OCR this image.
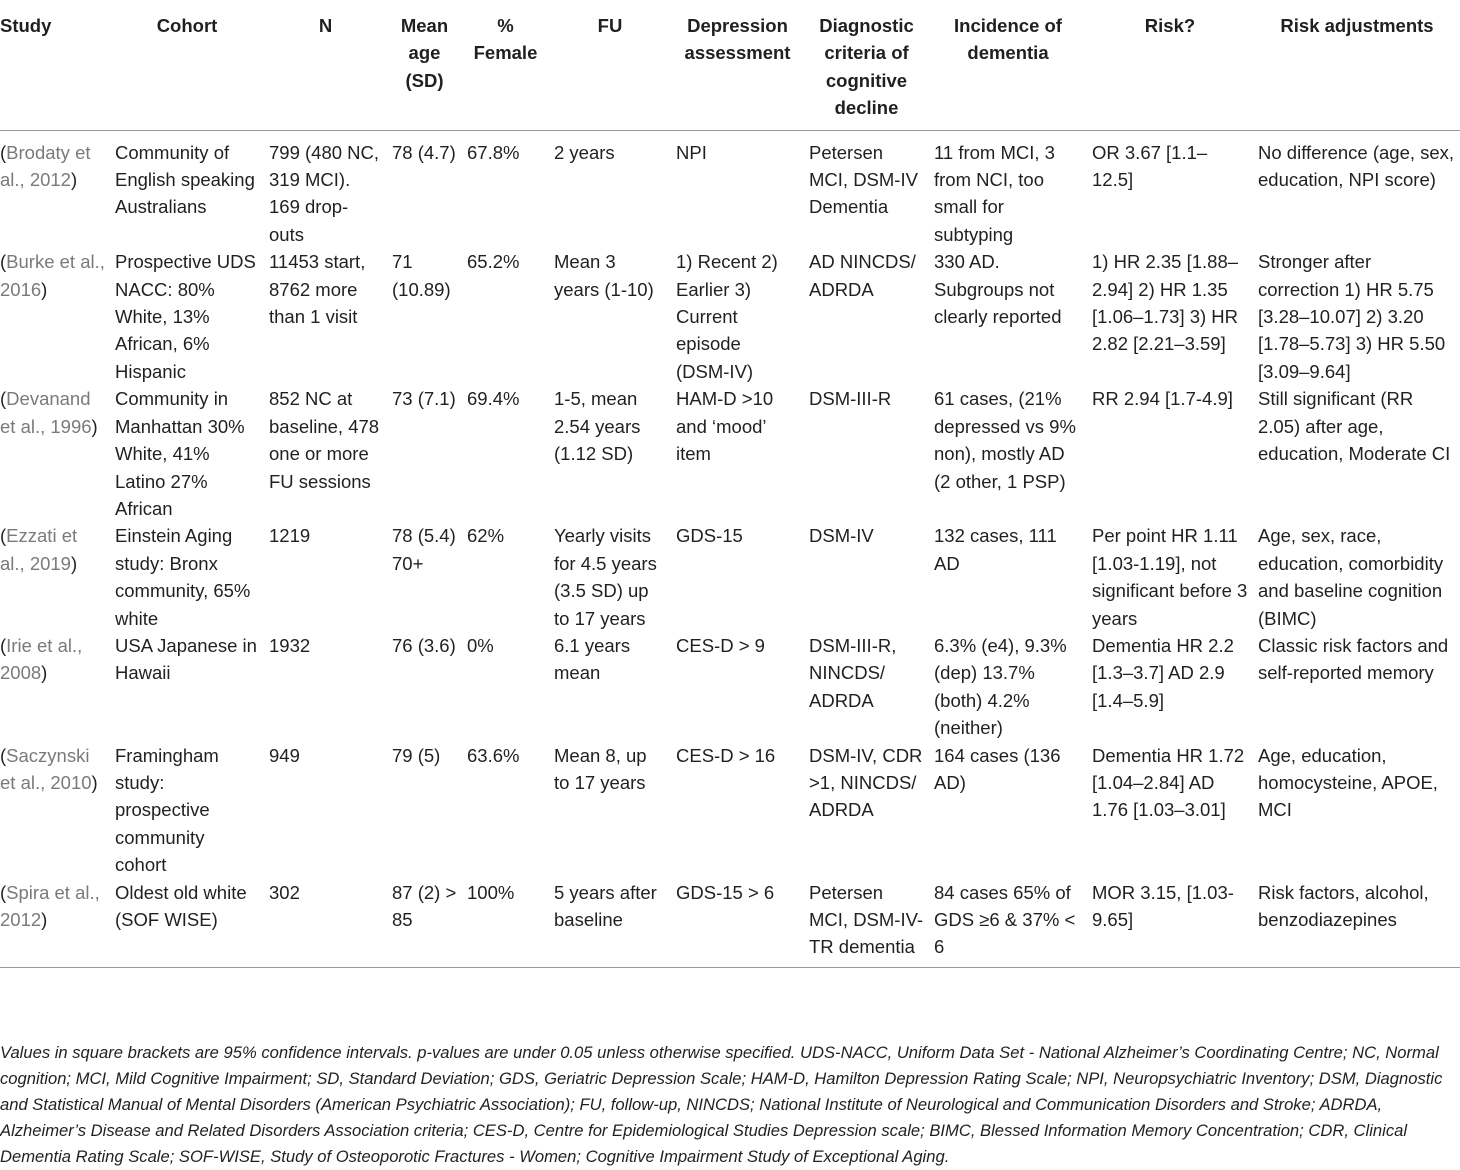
Study	Cohort	N	Mean age (SD)	% Female	FU	Depression assessment	Diagnostic criteria of cognitive decline	Incidence of dementia	Risk?	Risk adjustments
(Brodaty et al., 2012)	Community of English speaking Australians	799 (480 NC, 319 MCI). 169 drop-outs	78 (4.7)	67.8%	2 years	NPI	Petersen MCI, DSM-IV Dementia	11 from MCI, 3 from NCI, too small for subtyping	OR 3.67 [1.1–12.5]	No difference (age, sex, education, NPI score)
(Burke et al., 2016)	Prospective UDS NACC: 80% White, 13% African, 6% Hispanic	11453 start, 8762 more than 1 visit	71 (10.89)	65.2%	Mean 3 years (1-10)	1) Recent 2) Earlier 3) Current episode (DSM-IV)	AD NINCDS/ ADRDA	330 AD. Subgroups not clearly reported	1) HR 2.35 [1.88–2.94] 2) HR 1.35 [1.06–1.73] 3) HR 2.82 [2.21–3.59]	Stronger after correction 1) HR 5.75 [3.28–10.07] 2) 3.20 [1.78–5.73] 3) HR 5.50 [3.09–9.64]
(Devanand et al., 1996)	Community in Manhattan 30% White, 41% Latino 27% African	852 NC at baseline, 478 one or more FU sessions	73 (7.1)	69.4%	1-5, mean 2.54 years (1.12 SD)	HAM-D >10 and ‘mood’ item	DSM-III-R	61 cases, (21% depressed vs 9% non), mostly AD (2 other, 1 PSP)	RR 2.94 [1.7-4.9]	Still significant (RR 2.05) after age, education, Moderate CI
(Ezzati et al., 2019)	Einstein Aging study: Bronx community, 65% white	1219	78 (5.4) 70+	62%	Yearly visits for 4.5 years (3.5 SD) up to 17 years	GDS-15	DSM-IV	132 cases, 111 AD	Per point HR 1.11 [1.03-1.19], not significant before 3 years	Age, sex, race, education, comorbidity and baseline cognition (BIMC)
(Irie et al., 2008)	USA Japanese in Hawaii	1932	76 (3.6)	0%	6.1 years mean	CES-D > 9	DSM-III-R, NINCDS/ ADRDA	6.3% (e4), 9.3% (dep) 13.7% (both) 4.2% (neither)	Dementia HR 2.2 [1.3–3.7] AD 2.9 [1.4–5.9]	Classic risk factors and self-reported memory
(Saczynski et al., 2010)	Framingham study: prospective community cohort	949	79 (5)	63.6%	Mean 8, up to 17 years	CES-D > 16	DSM-IV, CDR >1, NINCDS/ ADRDA	164 cases (136 AD)	Dementia HR 1.72 [1.04–2.84] AD 1.76 [1.03–3.01]	Age, education, homocysteine, APOE, MCI
(Spira et al., 2012)	Oldest old white (SOF WISE)	302	87 (2) > 85	100%	5 years after baseline	GDS-15 > 6	Petersen MCI, DSM-IV-TR dementia	84 cases 65% of GDS ≥6 & 37% < 6	MOR 3.15, [1.03-9.65]	Risk factors, alcohol, benzodiazepines
Values in square brackets are 95% confidence intervals. p-values are under 0.05 unless otherwise specified. UDS-NACC, Uniform Data Set - National Alzheimer’s Coordinating Centre; NC, Normal cognition; MCI, Mild Cognitive Impairment; SD, Standard Deviation; GDS, Geriatric Depression Scale; HAM-D, Hamilton Depression Rating Scale; NPI, Neuropsychiatric Inventory; DSM, Diagnostic and Statistical Manual of Mental Disorders (American Psychiatric Association); FU, follow-up, NINCDS; National Institute of Neurological and Communication Disorders and Stroke; ADRDA, Alzheimer’s Disease and Related Disorders Association criteria; CES-D, Centre for Epidemiological Studies Depression scale; BIMC, Blessed Information Memory Concentration; CDR, Clinical Dementia Rating Scale; SOF-WISE, Study of Osteoporotic Fractures - Women; Cognitive Impairment Study of Exceptional Aging.
